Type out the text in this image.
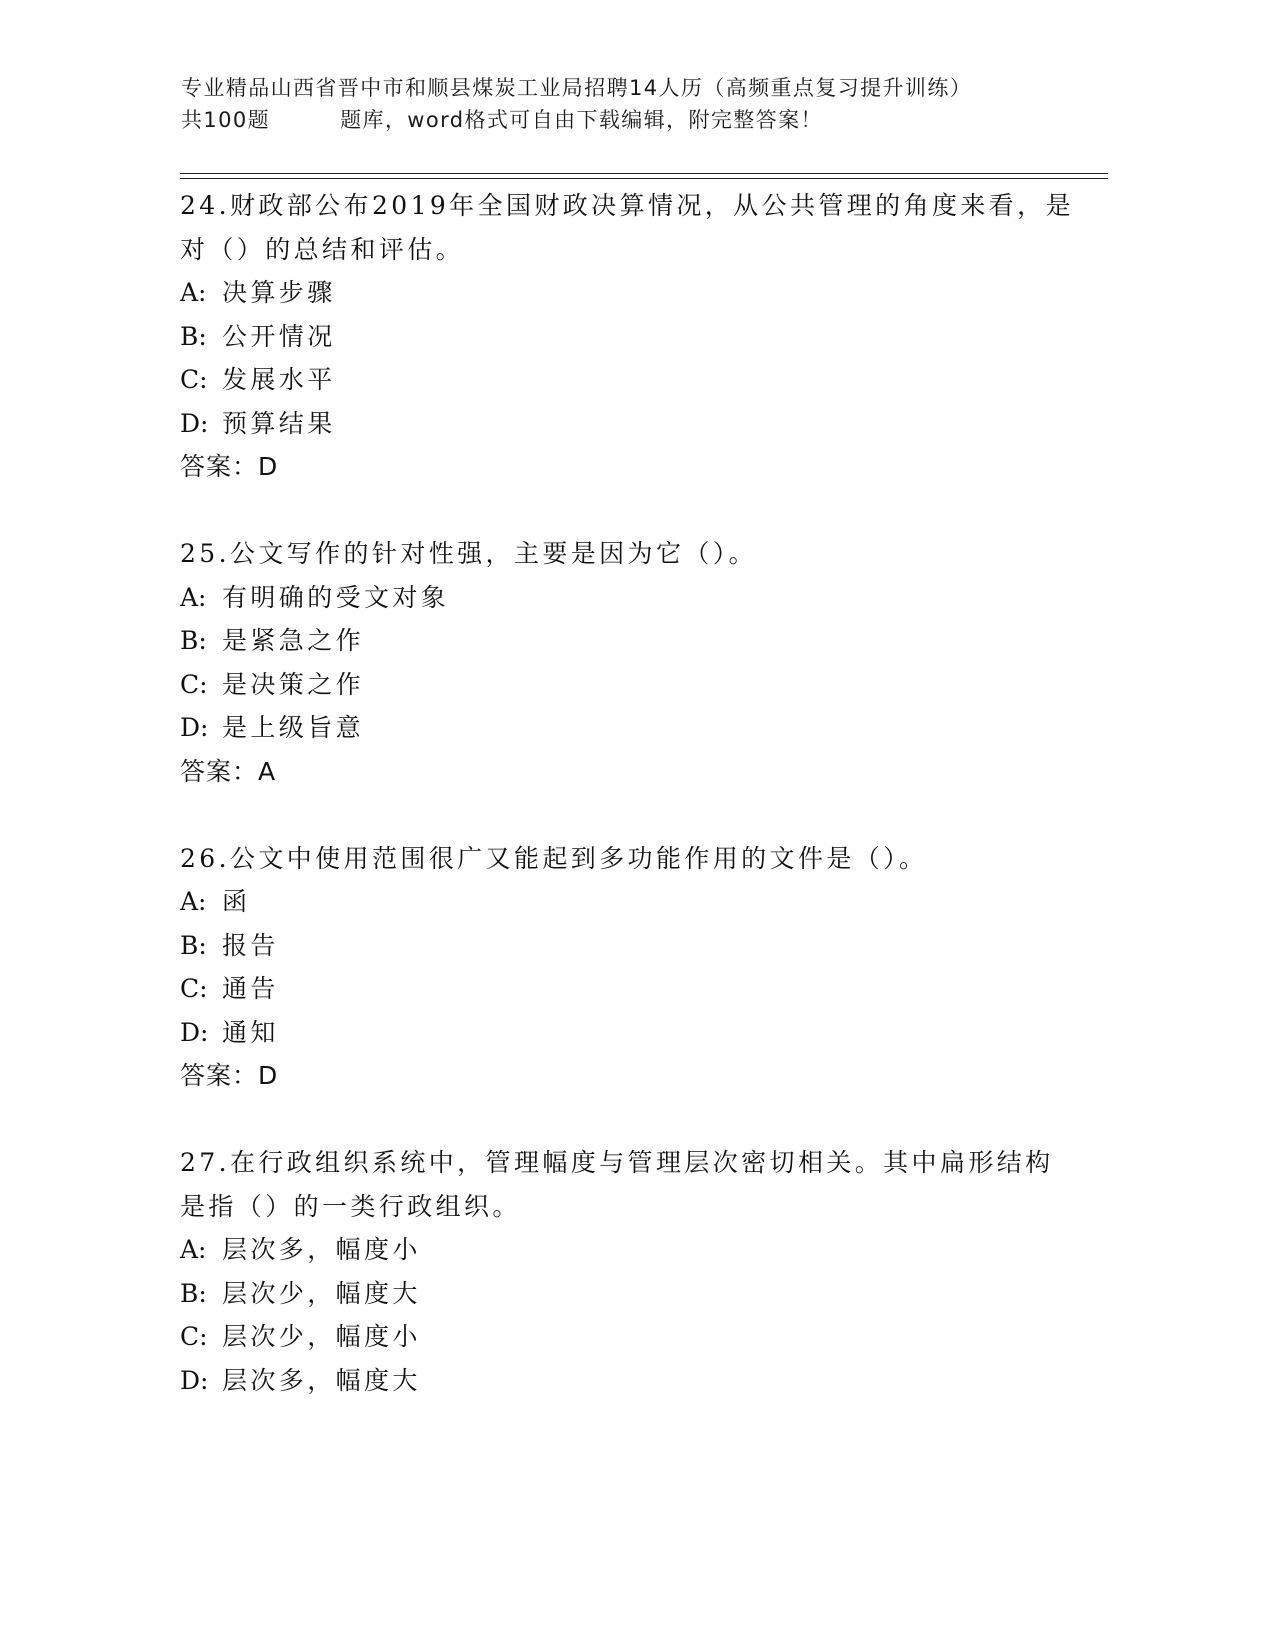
专业精品山西省晋中市和顺县煤炭工业局招聘14人历（高频重点复习提升训练）
共100题	题库，word格式可自由下载编辑，附完整答案！
24.财政部公布2019年全国财政决算情况，从公共管理的角度来看，是对（）的总结和评估。
A: 决算步骤
B: 公开情况
C: 发展水平
D: 预算结果
答案：D
25.公文写作的针对性强，主要是因为它（）。
A: 有明确的受文对象
B: 是紧急之作
C: 是决策之作
D: 是上级旨意
答案：A
26.公文中使用范围很广又能起到多功能作用的文件是（）。
A: 函
B: 报告
C: 通告
D: 通知
答案：D
27.在行政组织系统中，管理幅度与管理层次密切相关。其中扁形结构是指（）的一类行政组织。
A: 层次多，幅度小
B: 层次少，幅度大
C: 层次少，幅度小
D: 层次多，幅度大
